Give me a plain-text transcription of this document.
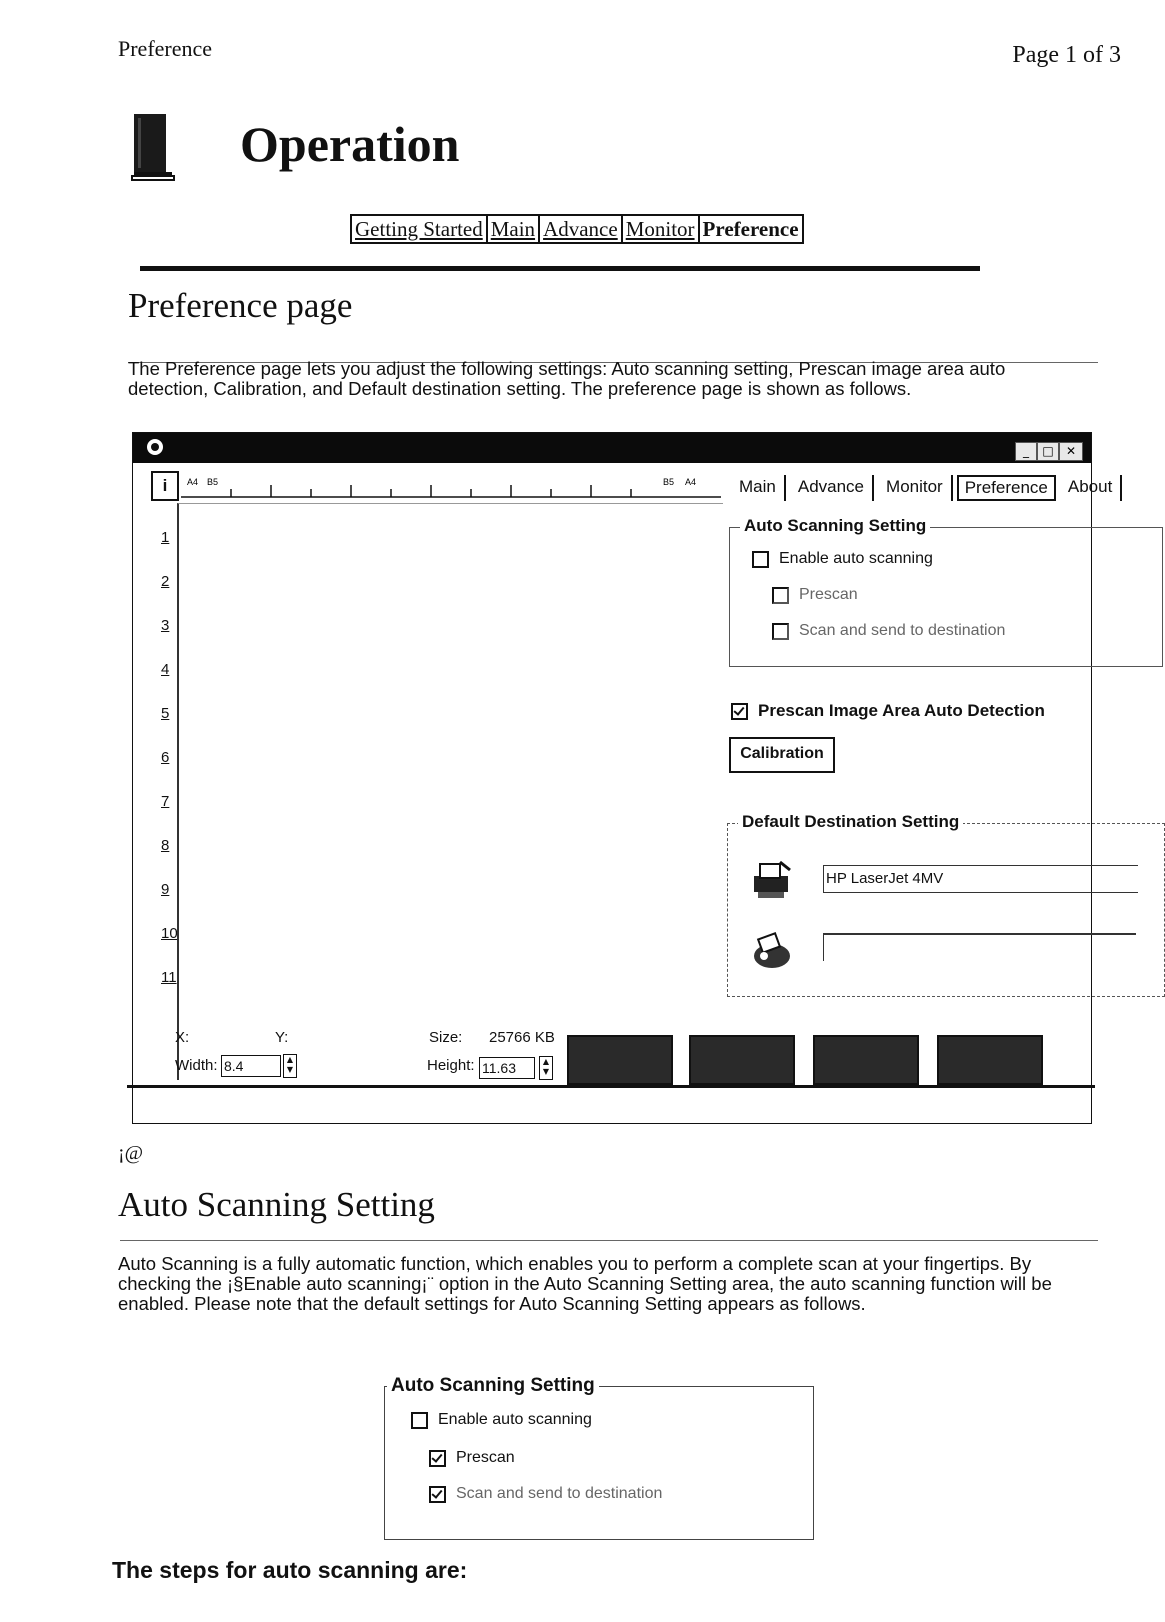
Preference	Page 1 of 3
Operation
Getting Started Main Advance Monitor Preference
Preference page
The Preference page lets you adjust the following settings: Auto scanning setting, Prescan image area auto detection, Calibration, and Default destination setting. The preference page is shown as follows.
_	□	✕
i	A4 B5	B5 A4
1
2
3
4
5
6
7
8
9
10
11
Main	Advance	Monitor	Preference	About
Auto Scanning Setting
Enable auto scanning
Prescan
Scan and send to destination
Prescan Image Area Auto Detection
Calibration
Default Destination Setting
HP LaserJet 4MV
X:	Y:	Size: 25766 KB
Width: 8.4	▲
▼	Height: 11.63	▲
▼
¡@
Auto Scanning Setting
Auto Scanning is a fully automatic function, which enables you to perform a complete scan at your fingertips. By checking the ¡§Enable auto scanning¡¨ option in the Auto Scanning Setting area, the auto scanning function will be enabled. Please note that the default settings for Auto Scanning Setting appears as follows.
Auto Scanning Setting
Enable auto scanning
Prescan
Scan and send to destination
The steps for auto scanning are:
